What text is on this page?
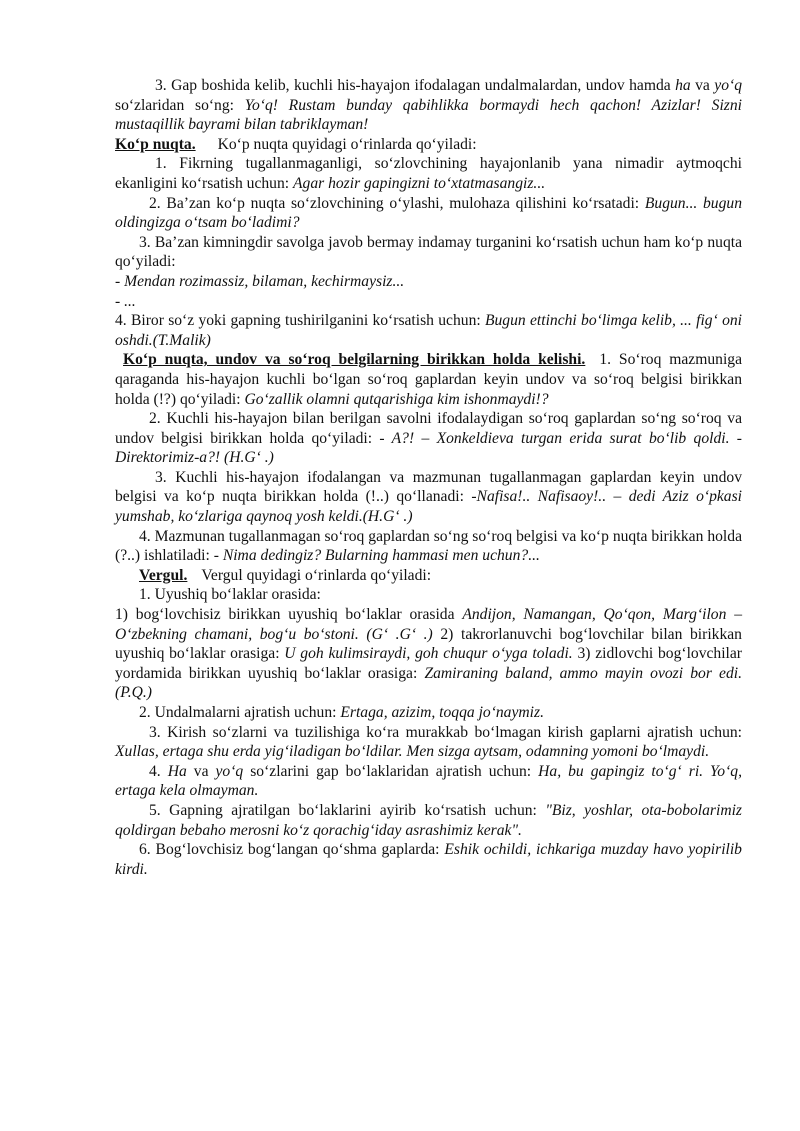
3. Gap boshida kelib, kuchli his-hayajon ifodalagan undalmalardan, undov hamda ha va yo‘q so‘zlaridan so‘ng: Yo‘q! Rustam bunday qabihlikka bormaydi hech qachon! Azizlar! Sizni mustaqillik bayrami bilan tabriklayman!

Ko‘p nuqta. Ko‘p nuqta quyidagi o‘rinlarda qo‘yiladi:

1. Fikrning tugallanmaganligi, so‘zlovchining hayajonlanib yana nimadir aytmoqchi ekanligini ko‘rsatish uchun: Agar hozir gapingizni to‘xtatmasangiz...

2. Ba’zan ko‘p nuqta so‘zlovchining o‘ylashi, mulohaza qilishini ko‘rsatadi: Bugun... bugun oldingizga o‘tsam bo‘ladimi?

3. Ba’zan kimningdir savolga javob bermay indamay turganini ko‘rsatish uchun ham ko‘p nuqta qo‘yiladi:

- Mendan rozimassiz, bilaman, kechirmaysiz...

- ...

4. Biror so‘z yoki gapning tushirilganini ko‘rsatish uchun: Bugun ettinchi bo‘limga kelib, ... fig‘ oni oshdi.(T.Malik)

Ko‘p nuqta, undov va so‘roq belgilarning birikkan holda kelishi. 1. So‘roq mazmuniga qaraganda his-hayajon kuchli bo‘lgan so‘roq gaplardan keyin undov va so‘roq belgisi birikkan holda (!?) qo‘yiladi: Go‘zallik olamni qutqarishiga kim ishonmaydi!?

2. Kuchli his-hayajon bilan berilgan savolni ifodalaydigan so‘roq gaplardan so‘ng so‘roq va undov belgisi birikkan holda qo‘yiladi: - A?! – Xonkeldieva turgan erida surat bo‘lib qoldi. - Direktorimiz-a?! (H.G‘ .)

3. Kuchli his-hayajon ifodalangan va mazmunan tugallanmagan gaplardan keyin undov belgisi va ko‘p nuqta birikkan holda (!..) qo‘llanadi: -Nafisa!.. Nafisaoy!.. – dedi Aziz o‘pkasi yumshab, ko‘zlariga qaynoq yosh keldi.(H.G‘ .)

4. Mazmunan tugallanmagan so‘roq gaplardan so‘ng so‘roq belgisi va ko‘p nuqta birikkan holda (?..) ishlatiladi: - Nima dedingiz? Bularning hammasi men uchun?...

Vergul. Vergul quyidagi o‘rinlarda qo‘yiladi:

1. Uyushiq bo‘laklar orasida:

1) bog‘lovchisiz birikkan uyushiq bo‘laklar orasida Andijon, Namangan, Qo‘qon, Marg‘ilon – O‘zbekning chamani, bog‘u bo‘stoni. (G‘ .G‘ .) 2) takrorlanuvchi bog‘lovchilar bilan birikkan uyushiq bo‘laklar orasiga: U goh kulimsiraydi, goh chuqur o‘yga toladi. 3) zidlovchi bog‘lovchilar yordamida birikkan uyushiq bo‘laklar orasiga: Zamiraning baland, ammo mayin ovozi bor edi. (P.Q.)

2. Undalmalarni ajratish uchun: Ertaga, azizim, toqqa jo‘naymiz.

3. Kirish so‘zlarni va tuzilishiga ko‘ra murakkab bo‘lmagan kirish gaplarni ajratish uchun: Xullas, ertaga shu erda yig‘iladigan bo‘ldilar. Men sizga aytsam, odamning yomoni bo‘lmaydi.

4. Ha va yo‘q so‘zlarini gap bo‘laklaridan ajratish uchun: Ha, bu gapingiz to‘g‘ ri. Yo‘q, ertaga kela olmayman.

5. Gapning ajratilgan bo‘laklarini ayirib ko‘rsatish uchun: "Biz, yoshlar, ota-bobolarimiz qoldirgan bebaho merosni ko‘z qorachig‘iday asrashimiz kerak".

6. Bog‘lovchisiz bog‘langan qo‘shma gaplarda: Eshik ochildi, ichkariga muzday havo yopirilib kirdi.
